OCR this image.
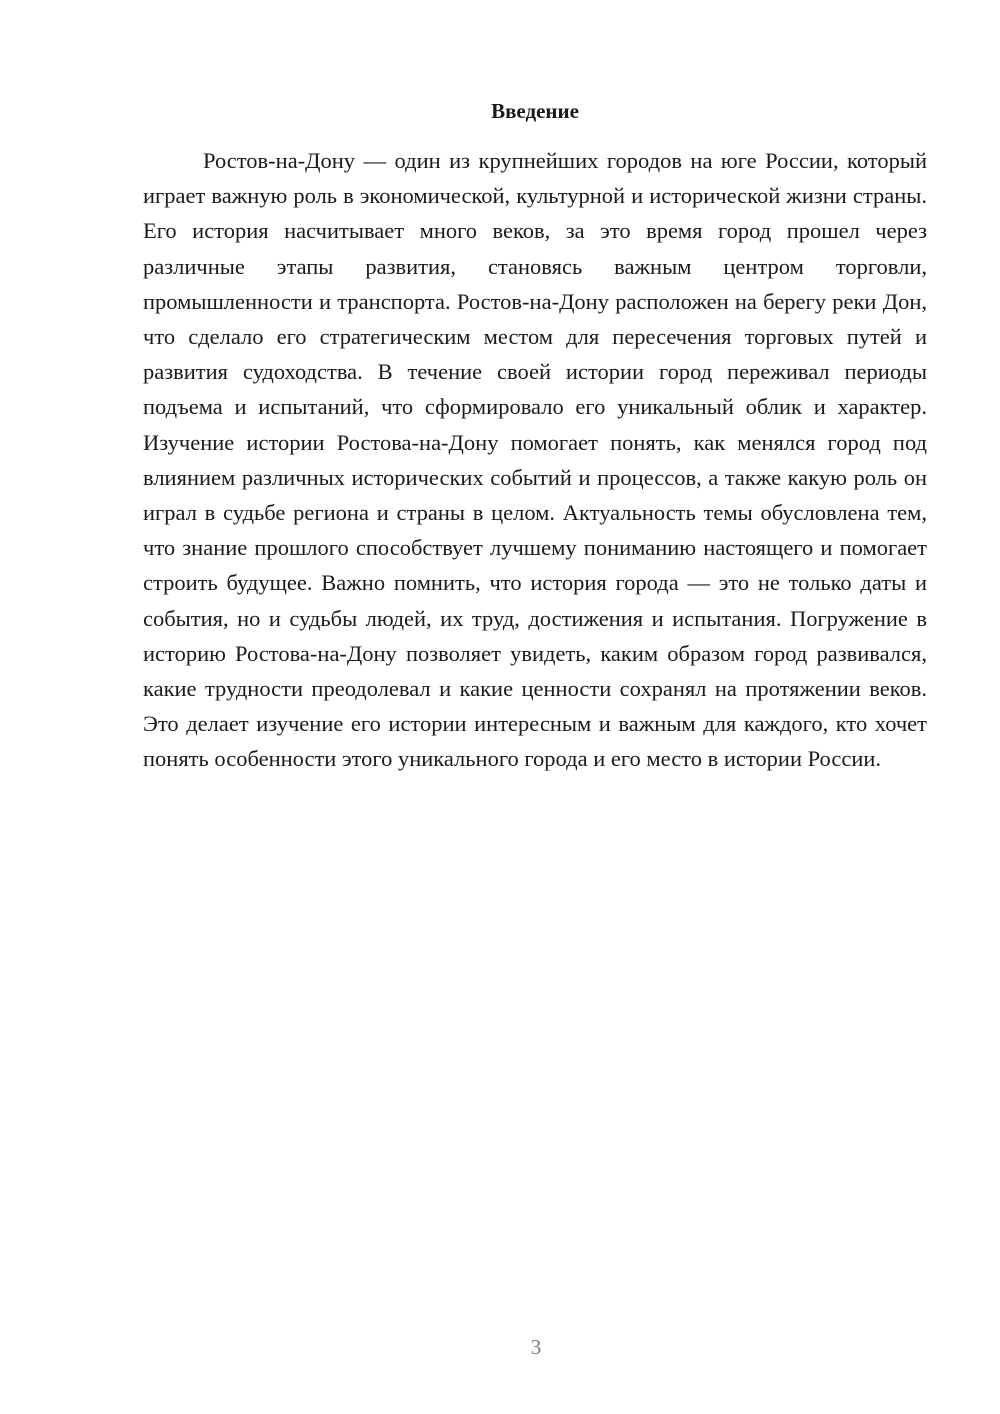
Введение

Ростов-на-Дону — один из крупнейших городов на юге России, который играет важную роль в экономической, культурной и исторической жизни страны. Его история насчитывает много веков, за это время город прошел через различные этапы развития, становясь важным центром торговли, промышленности и транспорта. Ростов-на-Дону расположен на берегу реки Дон, что сделало его стратегическим местом для пересечения торговых путей и развития судоходства. В течение своей истории город переживал периоды подъема и испытаний, что сформировало его уникальный облик и характер. Изучение истории Ростова-на-Дону помогает понять, как менялся город под влиянием различных исторических событий и процессов, а также какую роль он играл в судьбе региона и страны в целом. Актуальность темы обусловлена тем, что знание прошлого способствует лучшему пониманию настоящего и помогает строить будущее. Важно помнить, что история города — это не только даты и события, но и судьбы людей, их труд, достижения и испытания. Погружение в историю Ростова-на-Дону позволяет увидеть, каким образом город развивался, какие трудности преодолевал и какие ценности сохранял на протяжении веков. Это делает изучение его истории интересным и важным для каждого, кто хочет понять особенности этого уникального города и его место в истории России.

3
